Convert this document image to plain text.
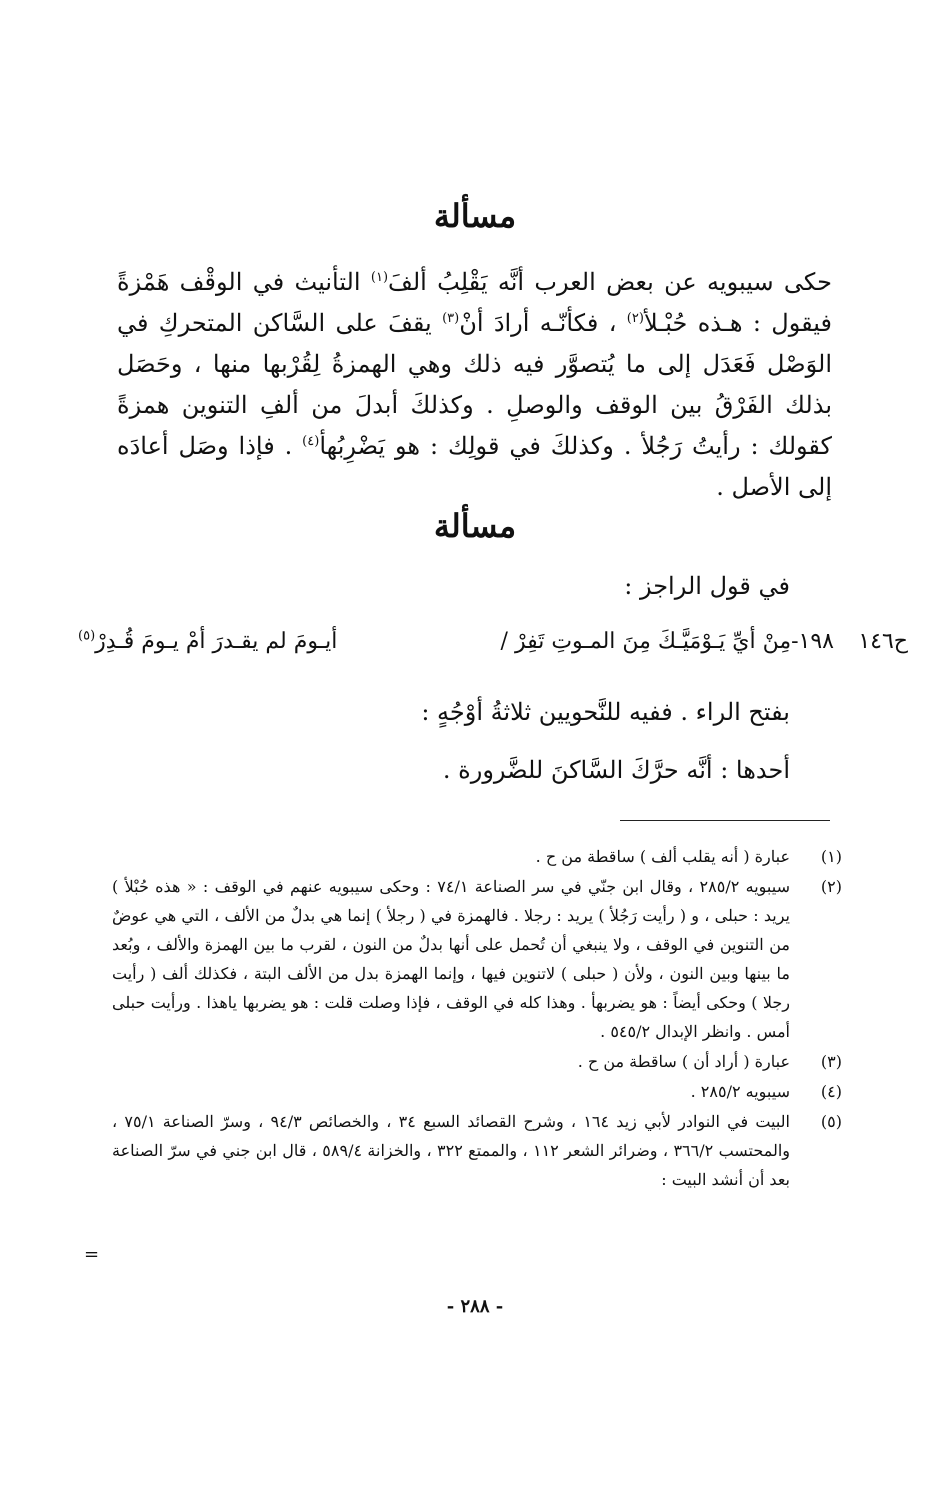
مسألة
حكى سيبويه عن بعض العرب أنَّه يَقْلِبُ ألفَ$^{(١)}$ التأنيث في الوقْف هَمْزةً فيقول : هـذه حُبْـلأ$^{(٢)}$ ، فكأنّـه أرادَ أنْ$^{(٣)}$ يقفَ على السَّاكن المتحركِ في الوَصْل فَعَدَل إلى ما يُتصوَّر فيه ذلك وهي الهمزةُ لِقُرْبها منها ، وحَصَل بذلك الفَرْقُ بين الوقف والوصلِ . وكذلكَ أبدلَ من ألفِ التنوين همزةً كقولك : رأيتُ رَجُلأ . وكذلكَ في قولِك : هو يَضْرِبُهأ$^{(٤)}$ . فإذا وصَل أعادَه إلى الأصل .
مسألة
في قول الراجز :
ح١٤٦
١٩٨-مِنْ أيِّ يَـوْمَيَّـكَ مِنَ المـوتِ تَفِرْ /
أيـومَ لم يقـدرَ أمْ يـومَ قُـدِرْ$^{(٥)}$
بفتح الراء . ففيه للنَّحويين ثلاثةُ أوْجُهٍ :
أحدها : أنَّه حرَّكَ السَّاكنَ للضَّرورة .
(١)
عبارة ( أنه يقلب ألف ) ساقطة من ح .
(٢)
سيبويه ٢٨٥/٢ ، وقال ابن جنّي في سر الصناعة ٧٤/١ : وحكى سيبويه عنهم في الوقف : « هذه حُبْلأ ) يريد : حبلى ، و ( رأيت رَجُلأ ) يريد : رجلا . فالهمزة في ( رجلأ ) إنما هي بدلٌ من الألف ، التي هي عوضٌ من التنوين في الوقف ، ولا ينبغي أن تُحمل على أنها بدلٌ من النون ، لقرب ما بين الهمزة والألف ، وبُعد ما بينها وبين النون ، ولأن ( حبلى ) لاتنوين فيها ، وإنما الهمزة بدل من الألف البتة ، فكذلك ألف ( رأيت رجلا ) وحكى أيضاً : هو يضربهأ . وهذا كله في الوقف ، فإذا وصلت قلت : هو يضربها ياهذا . ورأيت حبلى أمس . وانظر الإبدال ٥٤٥/٢ .
(٣)
عبارة ( أراد أن ) ساقطة من ح .
(٤)
سيبويه ٢٨٥/٢ .
(٥)
البيت في النوادر لأبي زيد ١٦٤ ، وشرح القصائد السبع ٣٤ ، والخصائص ٩٤/٣ ، وسرّ الصناعة ٧٥/١ ، والمحتسب ٣٦٦/٢ ، وضرائر الشعر ١١٢ ، والممتع ٣٢٢ ، والخزانة ٥٨٩/٤ ، قال ابن جني في سرّ الصناعة بعد أن أنشد البيت :
=
- ٢٨٨ -
